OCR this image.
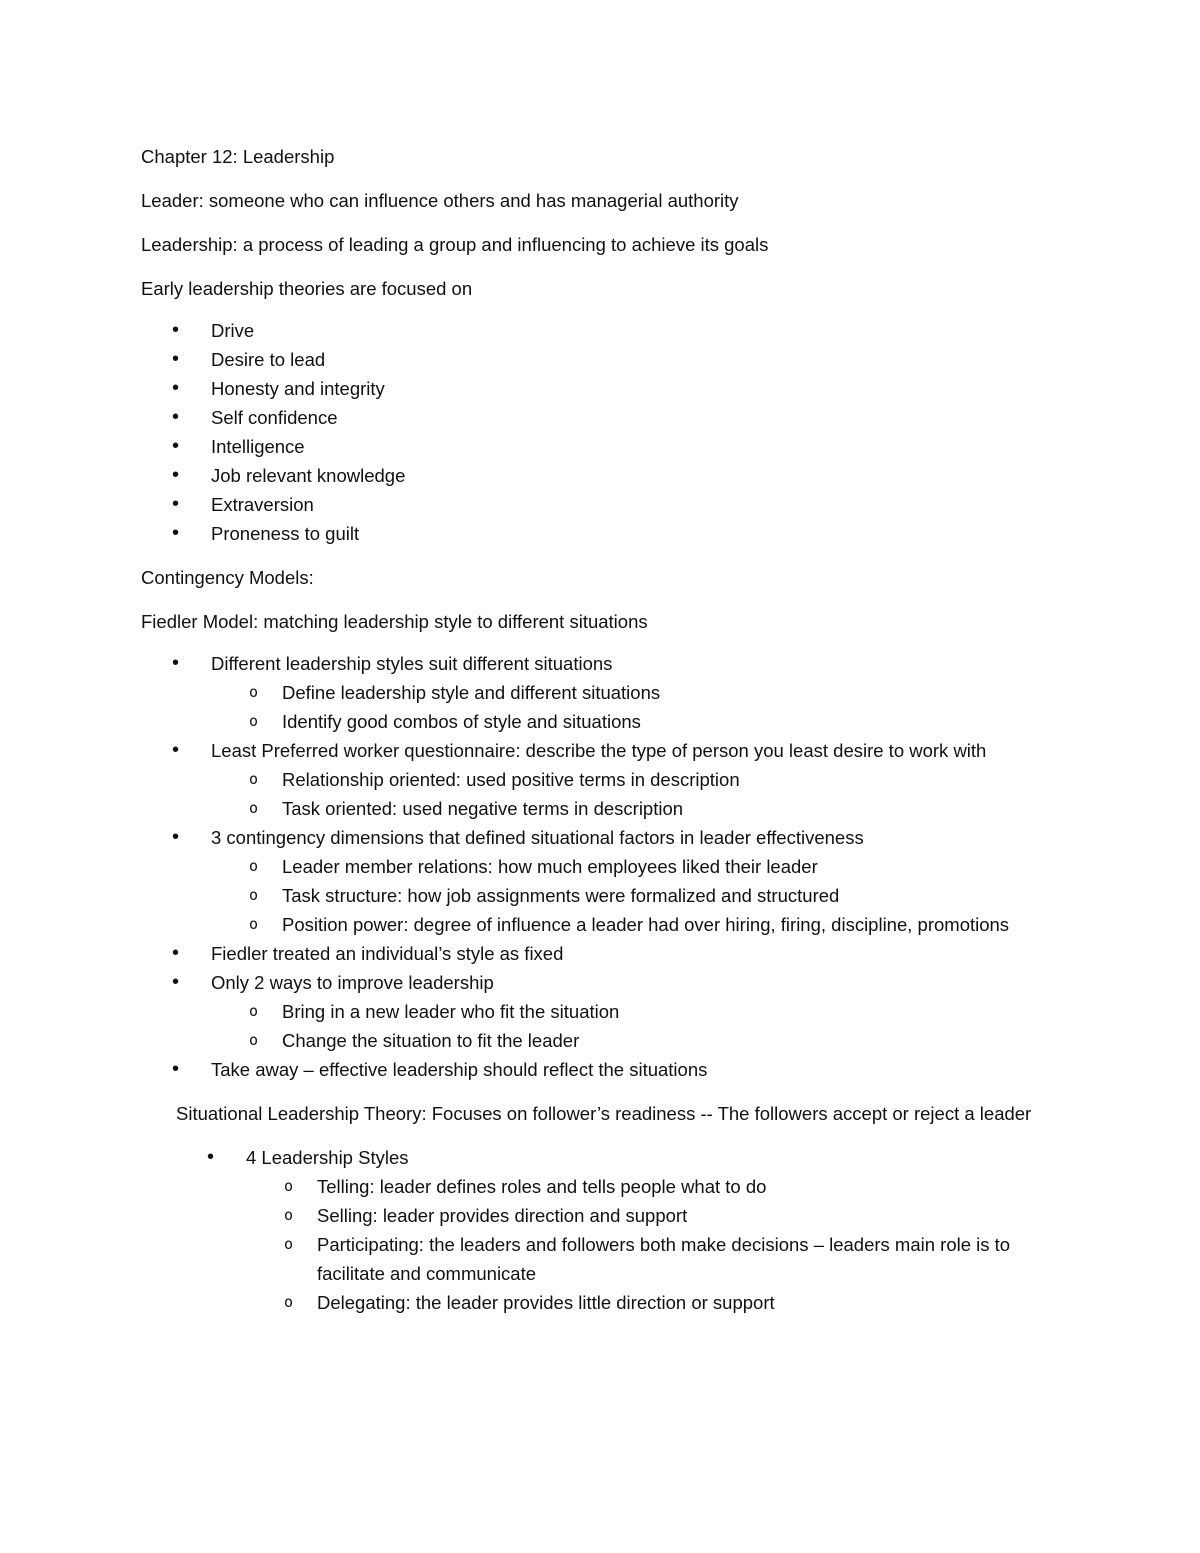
Chapter 12: Leadership

Leader: someone who can influence others and has managerial authority

Leadership: a process of leading a group and influencing to achieve its goals

Early leadership theories are focused on

• Drive
• Desire to lead
• Honesty and integrity
• Self confidence
• Intelligence
• Job relevant knowledge
• Extraversion
• Proneness to guilt

Contingency Models:

Fiedler Model: matching leadership style to different situations

• Different leadership styles suit different situations
o Define leadership style and different situations
o Identify good combos of style and situations
• Least Preferred worker questionnaire: describe the type of person you least desire to work with
o Relationship oriented: used positive terms in description
o Task oriented: used negative terms in description
• 3 contingency dimensions that defined situational factors in leader effectiveness
o Leader member relations: how much employees liked their leader
o Task structure: how job assignments were formalized and structured
o Position power: degree of influence a leader had over hiring, firing, discipline, promotions
• Fiedler treated an individual’s style as fixed
• Only 2 ways to improve leadership
o Bring in a new leader who fit the situation
o Change the situation to fit the leader
• Take away – effective leadership should reflect the situations

Situational Leadership Theory: Focuses on follower’s readiness -- The followers accept or reject a leader

• 4 Leadership Styles
o Telling: leader defines roles and tells people what to do
o Selling: leader provides direction and support
o Participating: the leaders and followers both make decisions – leaders main role is to facilitate and communicate
o Delegating: the leader provides little direction or support
